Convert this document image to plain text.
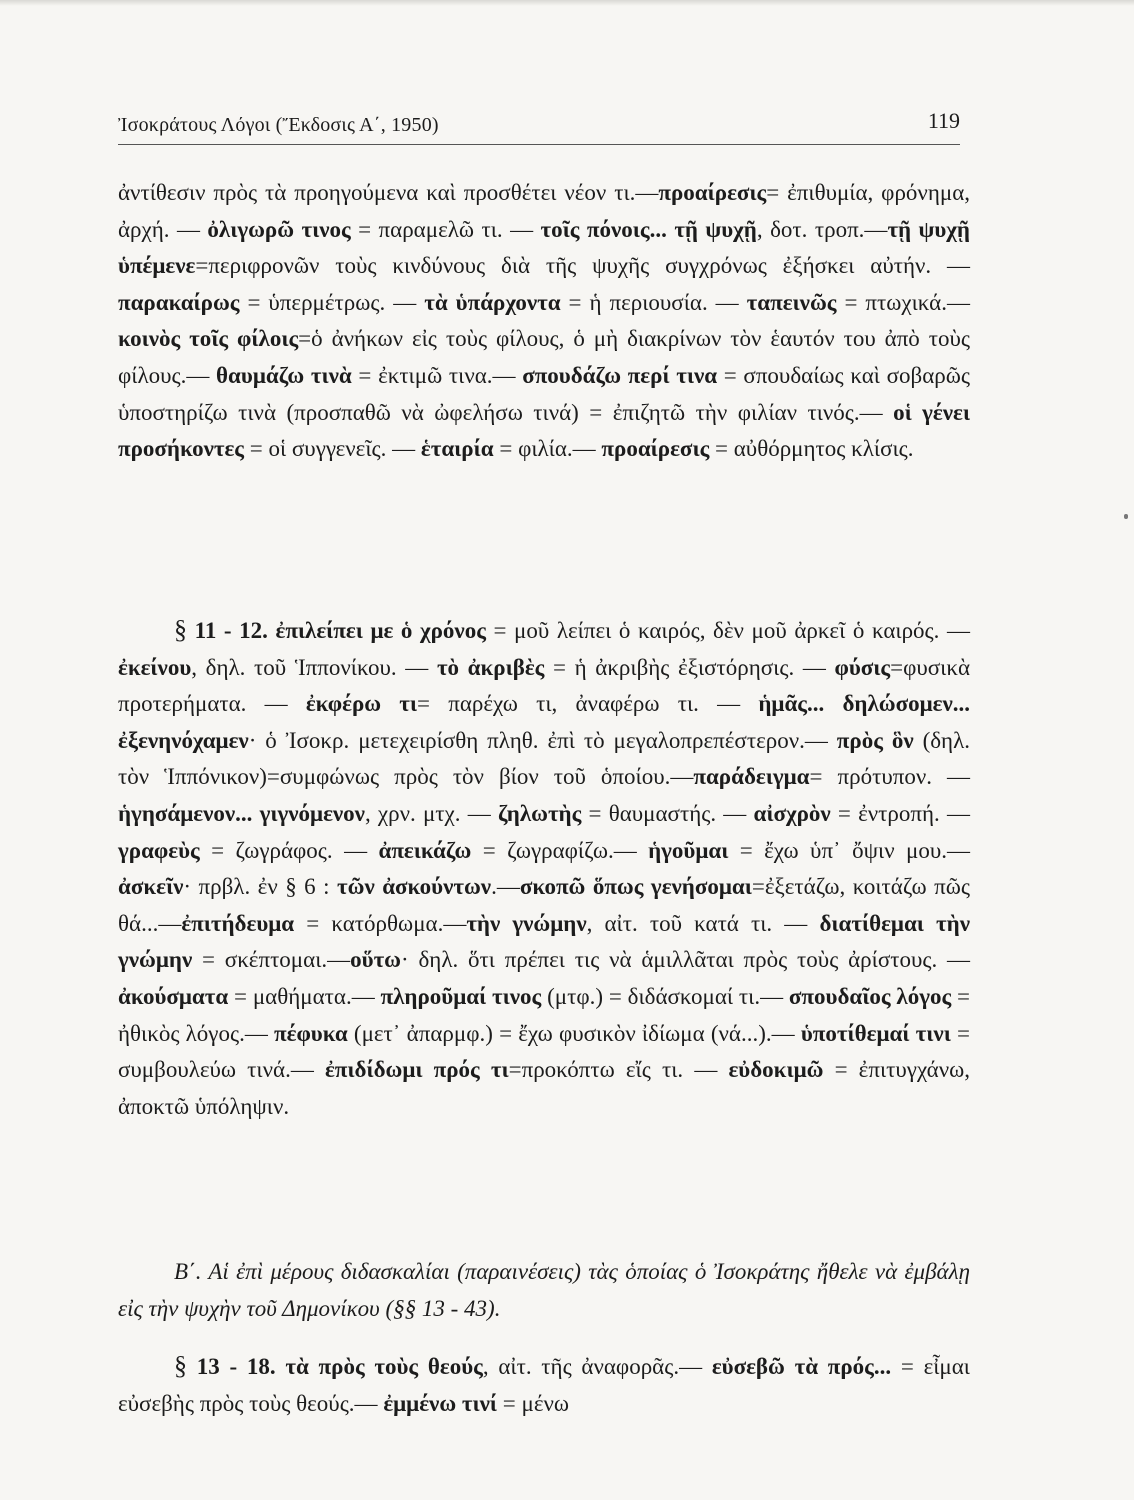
Ἰσοκράτους Λόγοι (Ἔκδοσις Α΄, 1950)	119
ἀντίθεσιν πρὸς τὰ προηγούμενα καὶ προσθέτει νέον τι.—προαίρεσις= ἐπιθυμία, φρόνημα, ἀρχή. — ὀλιγωρῶ τινος = παραμελῶ τι. — τοῖς πόνοις... τῇ ψυχῇ, δοτ. τροπ.—τῇ ψυχῇ ὑπέμενε=περιφρονῶν τοὺς κινδύνους διὰ τῆς ψυχῆς συγχρόνως ἐξήσκει αὐτήν. — παρακαίρως = ὑπερμέτρως. — τὰ ὑπάρχοντα = ἡ περιουσία. — ταπεινῶς = πτωχικά.—κοινὸς τοῖς φίλοις=ὁ ἀνήκων εἰς τοὺς φίλους, ὁ μὴ διακρίνων τὸν ἑαυτόν του ἀπὸ τοὺς φίλους.— θαυμάζω τινὰ = ἐκτιμῶ τινα.— σπουδάζω περί τινα = σπουδαίως καὶ σοβαρῶς ὑποστηρίζω τινὰ (προσπαθῶ νὰ ὠφελήσω τινά) = ἐπιζητῶ τὴν φιλίαν τινός.— οἱ γένει προσήκοντες = οἱ συγγενεῖς. — ἑταιρία = φιλία.— προαίρεσις = αὐθόρμητος κλίσις.
§ 11 - 12. ἐπιλείπει με ὁ χρόνος = μοῦ λείπει ὁ καιρός, δὲν μοῦ ἀρκεῖ ὁ καιρός. — ἐκείνου, δηλ. τοῦ Ἱππονίκου. — τὸ ἀκριβὲς = ἡ ἀκριβὴς ἐξιστόρησις. — φύσις=φυσικὰ προτερήματα. — ἐκφέρω τι= παρέχω τι, ἀναφέρω τι. — ἡμᾶς... δηλώσομεν... ἐξενηνόχαμεν· ὁ Ἰσοκρ. μετεχειρίσθη πληθ. ἐπὶ τὸ μεγαλοπρεπέστερον.— πρὸς ὃν (δηλ. τὸν Ἱππόνικον)=συμφώνως πρὸς τὸν βίον τοῦ ὁποίου.—παράδειγμα= πρότυπον. — ἡγησάμενον... γιγνόμενον, χρν. μτχ. — ζηλωτὴς = θαυμαστής. — αἰσχρὸν = ἐντροπή. — γραφεὺς = ζωγράφος. — ἀπεικάζω = ζωγραφίζω.— ἡγοῦμαι = ἔχω ὑπ᾿ ὄψιν μου.—ἀσκεῖν· πρβλ. ἐν § 6 : τῶν ἀσκούντων.—σκοπῶ ὅπως γενήσομαι=ἐξετάζω, κοιτάζω πῶς θά...—ἐπιτήδευμα = κατόρθωμα.—τὴν γνώμην, αἰτ. τοῦ κατά τι. — διατίθεμαι τὴν γνώμην = σκέπτομαι.—οὕτω· δηλ. ὅτι πρέπει τις νὰ ἁμιλλᾶται πρὸς τοὺς ἀρίστους. — ἀκούσματα = μαθήματα.— πληροῦμαί τινος (μτφ.) = διδάσκομαί τι.— σπουδαῖος λόγος = ἠθικὸς λόγος.— πέφυκα (μετ᾿ ἀπαρμφ.) = ἔχω φυσικὸν ἰδίωμα (νά...).— ὑποτίθεμαί τινι = συμβουλεύω τινά.— ἐπιδίδωμι πρός τι=προκόπτω εἴς τι. — εὐδοκιμῶ = ἐπιτυγχάνω, ἀποκτῶ ὑπόληψιν.
Β΄. Αἱ ἐπὶ μέρους διδασκαλίαι (παραινέσεις) τὰς ὁποίας ὁ Ἰσοκράτης ἤθελε νὰ ἐμβάλῃ εἰς τὴν ψυχὴν τοῦ Δημονίκου (§§ 13 - 43).
§ 13 - 18. τὰ πρὸς τοὺς θεούς, αἰτ. τῆς ἀναφορᾶς.— εὐσεβῶ τὰ πρός... = εἶμαι εὐσεβὴς πρὸς τοὺς θεούς.— ἐμμένω τινί = μένω
